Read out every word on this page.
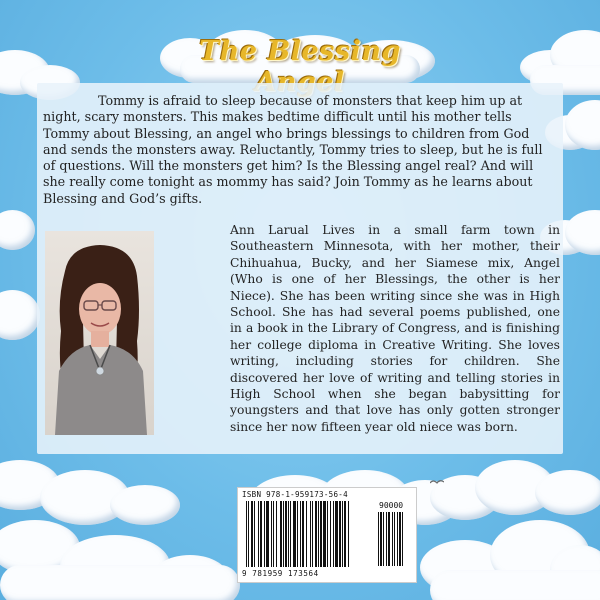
The Blessing

Tommy is afraid to sleep because of monsters that keep him up at night, scary monsters. This makes bedtime difficult until his mother tells Tommy about Blessing, an angel who brings blessings to children from God and sends the monsters away. Reluctantly, Tommy tries to sleep, but he is full of questions. Will the monsters get him? Is the Blessing angel real? And will she really come tonight as mommy has said? Join Tommy as he learns about Blessing and God’s gifts.

Ann Larual Lives in a small farm town in Southeastern Minnesota, with her mother, their Chihuahua, Bucky, and her Siamese mix, Angel (Who is one of her Blessings, the other is her Niece). She has been writing since she was in High School. She has had several poems published, one in a book in the Library of Congress, and is finishing her college diploma in Creative Writing. She loves writing, including stories for children. She discovered her love of writing and telling stories in High School when she began babysitting for youngsters and that love has only gotten stronger since her now fifteen year old niece was born.

ISBN 978-1-959173-56-4
90000
9 781959 173564
